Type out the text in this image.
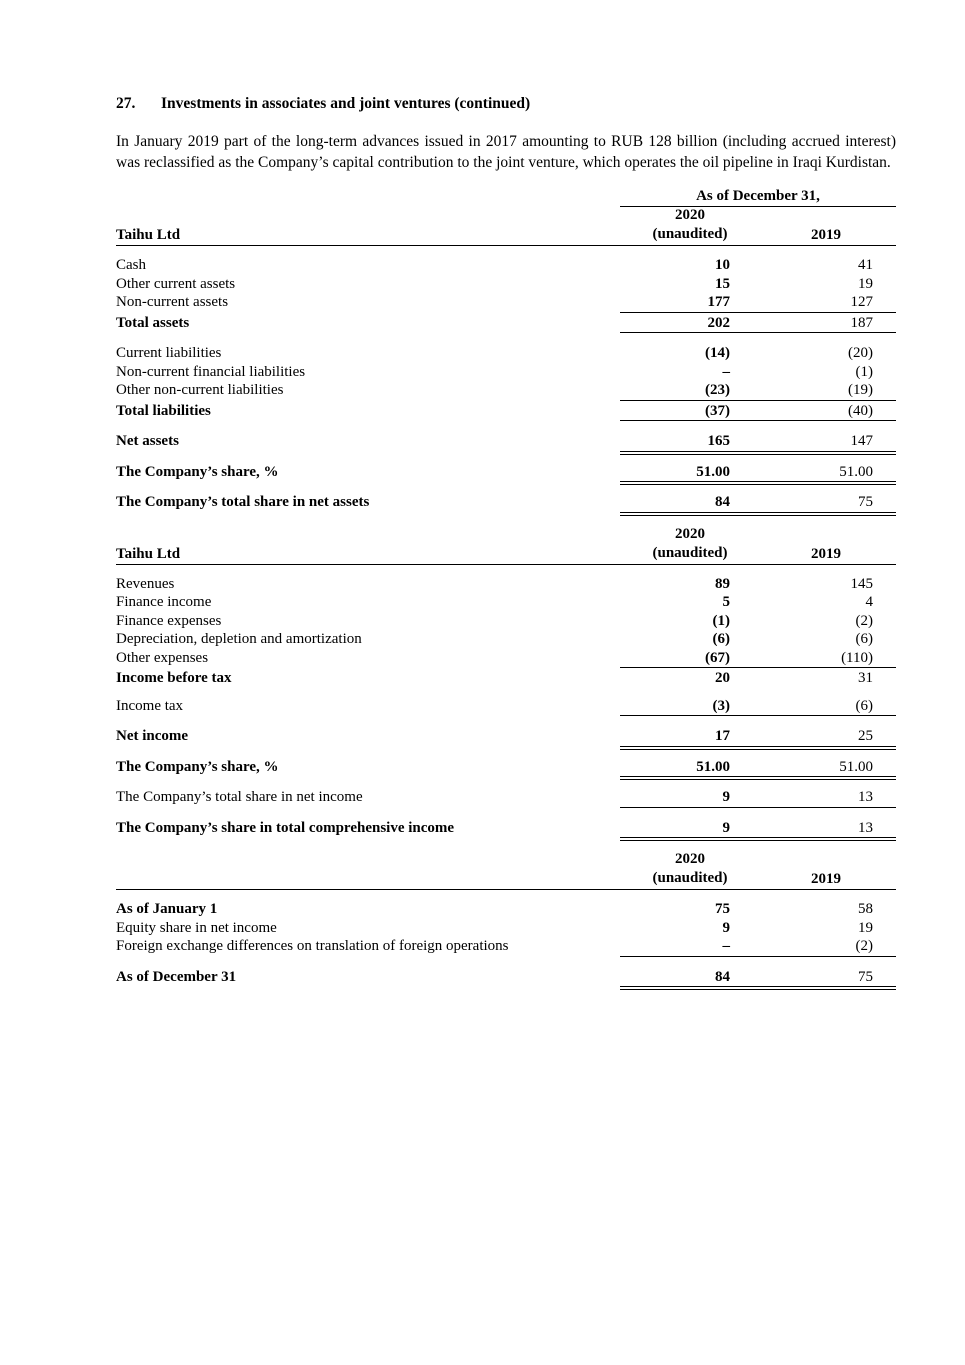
27. Investments in associates and joint ventures (continued)

In January 2019 part of the long-term advances issued in 2017 amounting to RUB 128 billion (including accrued interest) was reclassified as the Company’s capital contribution to the joint venture, which operates the oil pipeline in Iraqi Kurdistan.

As of December 31,
Taihu Ltd
2020
(unaudited)	2019
Cash	10	41
Other current assets	15	19
Non-current assets	177	127
Total assets	202	187
Current liabilities	(14)	(20)
Non-current financial liabilities	–	(1)
Other non-current liabilities	(23)	(19)
Total liabilities	(37)	(40)
Net assets	165	147
The Company’s share, %	51.00	51.00
The Company’s total share in net assets	84	75
Taihu Ltd
2020
(unaudited)	2019
Revenues	89	145
Finance income	5	4
Finance expenses	(1)	(2)
Depreciation, depletion and amortization	(6)	(6)
Other expenses	(67)	(110)
Income before tax	20	31
Income tax	(3)	(6)
Net income	17	25
The Company’s share, %	51.00	51.00
The Company’s total share in net income	9	13
The Company’s share in total comprehensive income	9	13
2020
(unaudited)	2019
As of January 1	75	58
Equity share in net income	9	19
Foreign exchange differences on translation of foreign operations	–	(2)
As of December 31	84	75
